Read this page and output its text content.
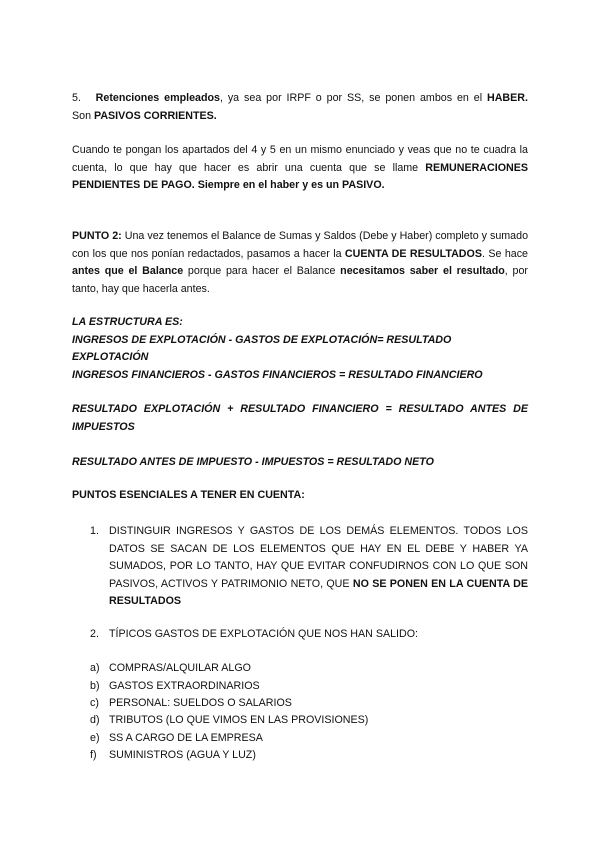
5. Retenciones empleados, ya sea por IRPF o por SS, se ponen ambos en el HABER.
Son PASIVOS CORRIENTES.
Cuando te pongan los apartados del 4 y 5 en un mismo enunciado y veas que no te cuadra la cuenta, lo que hay que hacer es abrir una cuenta que se llame REMUNERACIONES PENDIENTES DE PAGO. Siempre en el haber y es un PASIVO.
PUNTO 2: Una vez tenemos el Balance de Sumas y Saldos (Debe y Haber) completo y sumado con los que nos ponían redactados, pasamos a hacer la CUENTA DE RESULTADOS. Se hace antes que el Balance porque para hacer el Balance necesitamos saber el resultado, por tanto, hay que hacerla antes.
LA ESTRUCTURA ES:
INGRESOS DE EXPLOTACIÓN - GASTOS DE EXPLOTACIÓN= RESULTADO EXPLOTACIÓN
INGRESOS FINANCIEROS - GASTOS FINANCIEROS = RESULTADO FINANCIERO
RESULTADO EXPLOTACIÓN + RESULTADO FINANCIERO = RESULTADO ANTES DE IMPUESTOS
RESULTADO ANTES DE IMPUESTO - IMPUESTOS = RESULTADO NETO
PUNTOS ESENCIALES A TENER EN CUENTA:
1. DISTINGUIR INGRESOS Y GASTOS DE LOS DEMÁS ELEMENTOS. TODOS LOS DATOS SE SACAN DE LOS ELEMENTOS QUE HAY EN EL DEBE Y HABER YA SUMADOS, POR LO TANTO, HAY QUE EVITAR CONFUDIRNOS CON LO QUE SON PASIVOS, ACTIVOS Y PATRIMONIO NETO, QUE NO SE PONEN EN LA CUENTA DE RESULTADOS
2. TÍPICOS GASTOS DE EXPLOTACIÓN QUE NOS HAN SALIDO:
a) COMPRAS/ALQUILAR ALGO
b) GASTOS EXTRAORDINARIOS
c) PERSONAL: SUELDOS O SALARIOS
d) TRIBUTOS (LO QUE VIMOS EN LAS PROVISIONES)
e) SS A CARGO DE LA EMPRESA
f) SUMINISTROS (AGUA Y LUZ)
